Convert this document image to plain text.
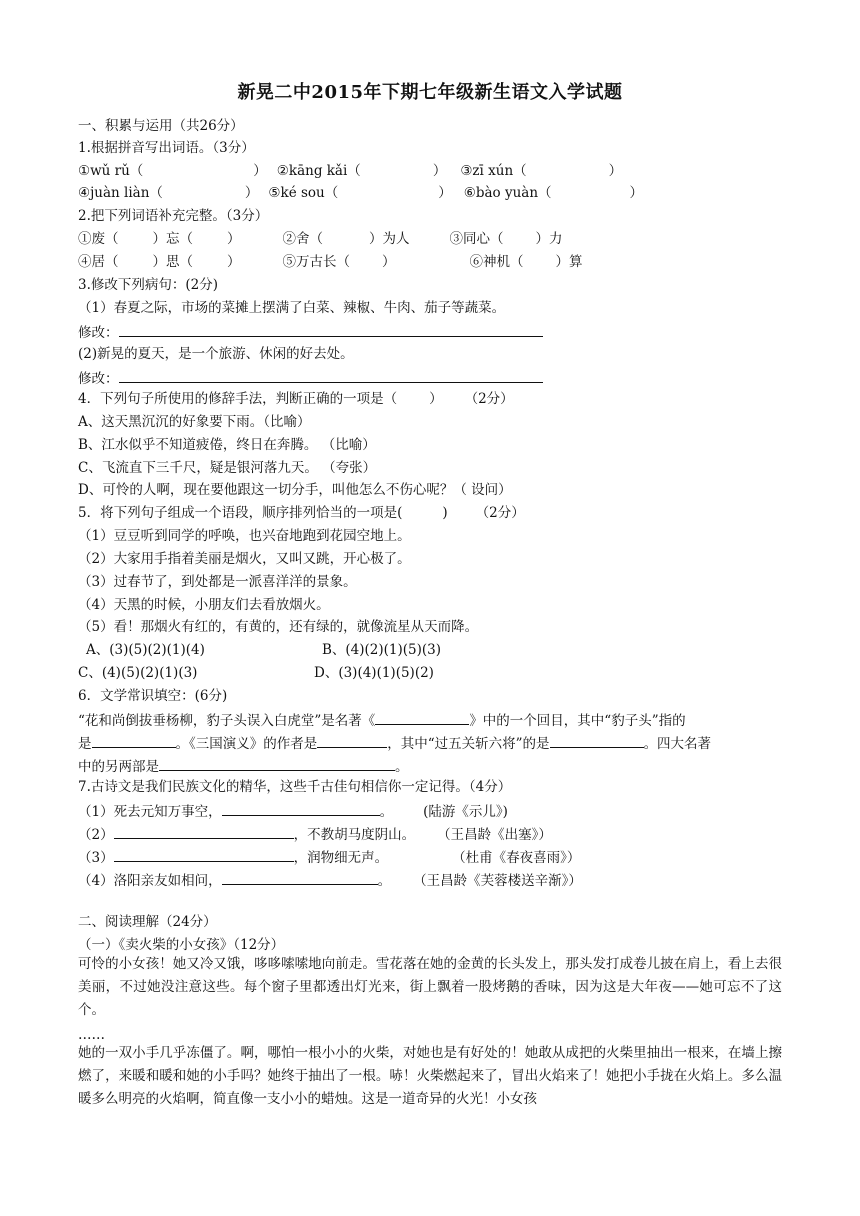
新晃二中2015年下期七年级新生语文入学试题
一、积累与运用（共26分）
1.根据拼音写出词语。（3分）
①wǔ rǔ（	） ②kāng kǎi（	） ③zī xún（	）
④juàn liàn（	） ⑤ké sou（	） ⑥bào yuàn（	）
2.把下列词语补充完整。（3分）
①废（	）忘（	）	②舍（	）为人	③同心（ ）力
④居（	）思（	）	⑤万古长（ ）	⑥神机（ ）算
3.修改下列病句：(2分)
（1）春夏之际，市场的菜摊上摆满了白菜、辣椒、牛肉、茄子等蔬菜。
修改：
(2)新晃的夏天，是一个旅游、休闲的好去处。
修改：
4．下列句子所使用的修辞手法，判断正确的一项是（ ） （2分）
A、这天黑沉沉的好象要下雨。（比喻）
B、江水似乎不知道疲倦，终日在奔腾。 （比喻）
C、飞流直下三千尺，疑是银河落九天。 （夸张）
D、可怜的人啊，现在要他跟这一切分手，叫他怎么不伤心呢？（ 设问）
5．将下列句子组成一个语段，顺序排列恰当的一项是(	) （2分）
（1）豆豆听到同学的呼唤，也兴奋地跑到花园空地上。
（2）大家用手指着美丽是烟火，又叫又跳，开心极了。
（3）过春节了，到处都是一派喜洋洋的景象。
（4）天黑的时候，小朋友们去看放烟火。
（5）看！那烟火有红的，有黄的，还有绿的，就像流星从天而降。
A、(3)(5)(2)(1)(4)	B、(4)(2)(1)(5)(3)
C、(4)(5)(2)(1)(3)	D、(3)(4)(1)(5)(2)
6．文学常识填空：(6分)
“花和尚倒拔垂杨柳，豹子头误入白虎堂”是名著《	》中的一个回目，其中“豹子头”指的
是	。《三国演义》的作者是	，其中“过五关斩六将”的是	。四大名著
中的另两部是	。
7.古诗文是我们民族文化的精华，这些千古佳句相信你一定记得。（4分）
（1）死去元知万事空，	。 (陆游《示儿》)
（2）	，不教胡马度阴山。 （王昌龄《出塞》）
（3）	，润物细无声。	（杜甫《春夜喜雨》）
（4）洛阳亲友如相问，	。 （王昌龄《芙蓉楼送辛渐》）
二、阅读理解（24分）
（一）《卖火柴的小女孩》（12分）
可怜的小女孩！她又冷又饿，哆哆嗦嗦地向前走。雪花落在她的金黄的长头发上，那头发打成卷儿披在肩上，看上去很美丽，不过她没注意这些。每个窗子里都透出灯光来，街上飘着一股烤鹅的香味，因为这是大年夜——她可忘不了这个。
……
她的一双小手几乎冻僵了。啊，哪怕一根小小的火柴，对她也是有好处的！她敢从成把的火柴里抽出一根来，在墙上擦燃了，来暖和暖和她的小手吗？她终于抽出了一根。哧！火柴燃起来了，冒出火焰来了！她把小手拢在火焰上。多么温暖多么明亮的火焰啊，简直像一支小小的蜡烛。这是一道奇异的火光！小女孩
